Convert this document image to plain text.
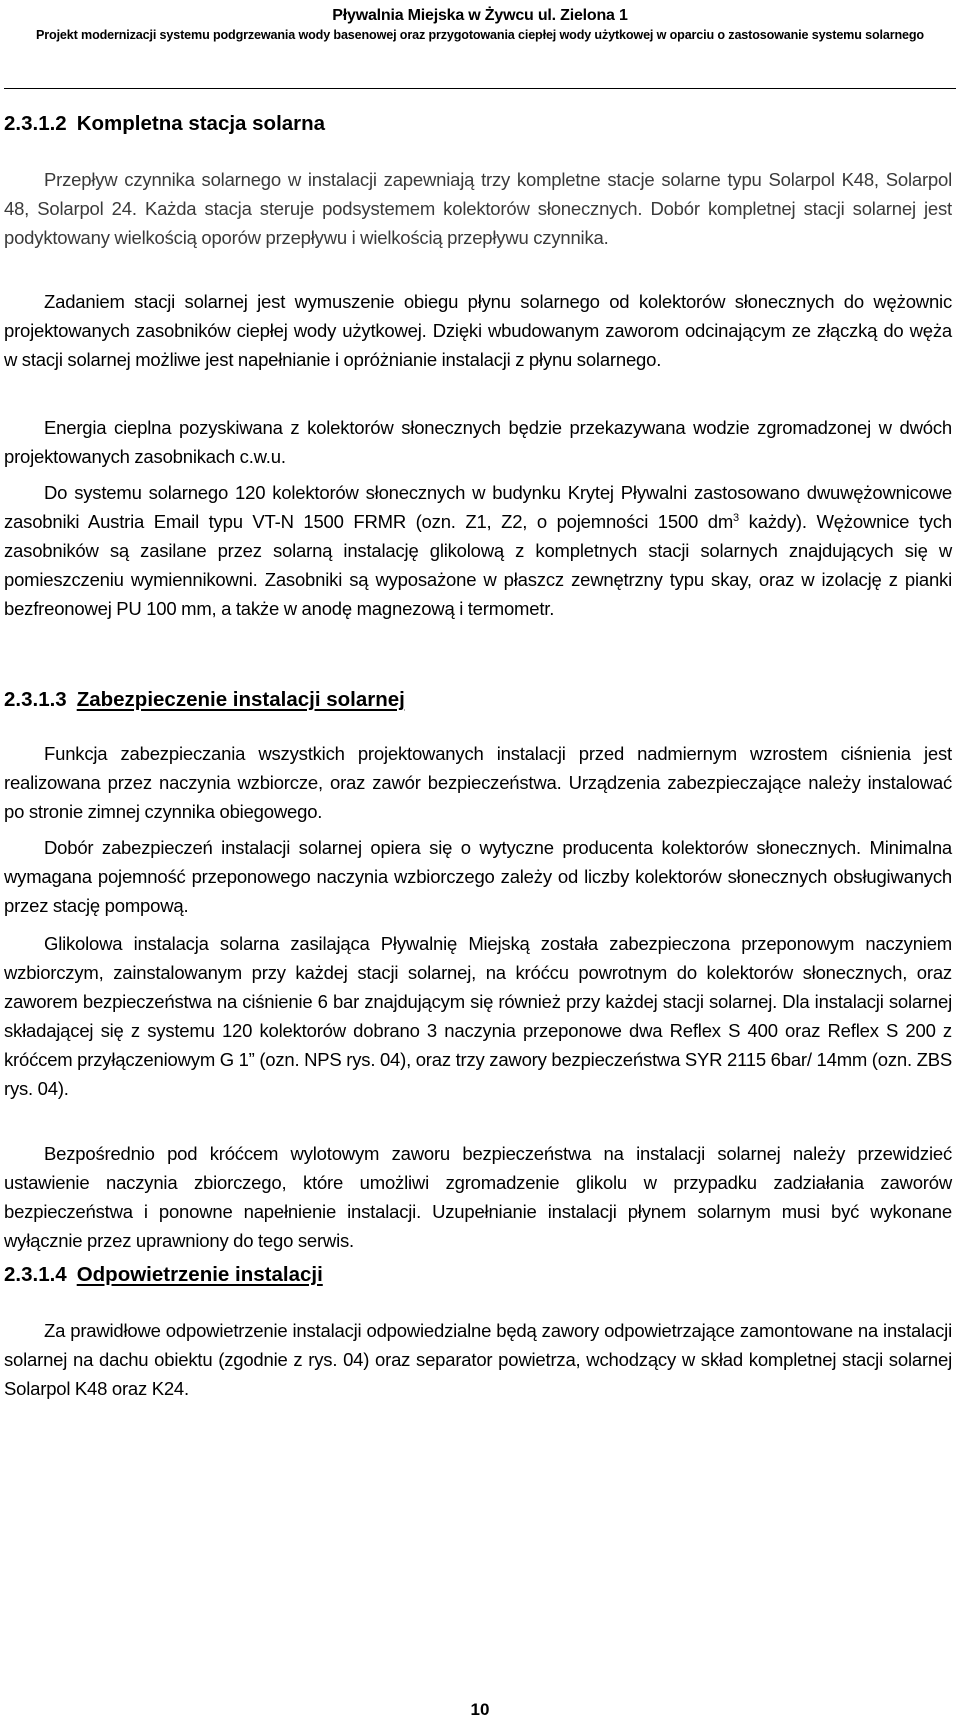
Pływalnia Miejska w Żywcu ul. Zielona 1
Projekt modernizacji systemu podgrzewania wody basenowej oraz przygotowania ciepłej wody użytkowej w oparciu o zastosowanie systemu solarnego
2.3.1.2 Kompletna stacja solarna

Przepływ czynnika solarnego w instalacji zapewniają trzy kompletne stacje solarne typu Solarpol K48, Solarpol 48, Solarpol 24. Każda stacja steruje podsystemem kolektorów słonecznych. Dobór kompletnej stacji solarnej jest podyktowany wielkością oporów przepływu i wielkością przepływu czynnika.

Zadaniem stacji solarnej jest wymuszenie obiegu płynu solarnego od kolektorów słonecznych do wężownic projektowanych zasobników ciepłej wody użytkowej. Dzięki wbudowanym zaworom odcinającym ze złączką do węża w stacji solarnej możliwe jest napełnianie i opróżnianie instalacji z płynu solarnego.

Energia cieplna pozyskiwana z kolektorów słonecznych będzie przekazywana wodzie zgromadzonej w dwóch projektowanych zasobnikach c.w.u.

Do systemu solarnego 120 kolektorów słonecznych w budynku Krytej Pływalni zastosowano dwuwężownicowe zasobniki Austria Email typu VT-N 1500 FRMR (ozn. Z1, Z2, o pojemności 1500 $dm^3$ każdy). Wężownice tych zasobników są zasilane przez solarną instalację glikolową z kompletnych stacji solarnych znajdujących się w pomieszczeniu wymiennikowni. Zasobniki są wyposażone w płaszcz zewnętrzny typu skay, oraz w izolację z pianki bezfreonowej PU 100 mm, a także w anodę magnezową i termometr.

2.3.1.3 Zabezpieczenie instalacji solarnej

Funkcja zabezpieczania wszystkich projektowanych instalacji przed nadmiernym wzrostem ciśnienia jest realizowana przez naczynia wzbiorcze, oraz zawór bezpieczeństwa. Urządzenia zabezpieczające należy instalować po stronie zimnej czynnika obiegowego.

Dobór zabezpieczeń instalacji solarnej opiera się o wytyczne producenta kolektorów słonecznych. Minimalna wymagana pojemność przeponowego naczynia wzbiorczego zależy od liczby kolektorów słonecznych obsługiwanych przez stację pompową.

Glikolowa instalacja solarna zasilająca Pływalnię Miejską została zabezpieczona przeponowym naczyniem wzbiorczym, zainstalowanym przy każdej stacji solarnej, na króćcu powrotnym do kolektorów słonecznych, oraz zaworem bezpieczeństwa na ciśnienie 6 bar znajdującym się również przy każdej stacji solarnej. Dla instalacji solarnej składającej się z systemu 120 kolektorów dobrano 3 naczynia przeponowe dwa Reflex S 400 oraz Reflex S 200 z króćcem przyłączeniowym G 1” (ozn. NPS rys. 04), oraz trzy zawory bezpieczeństwa SYR 2115 6bar/ 14mm (ozn. ZBS rys. 04).

Bezpośrednio pod króćcem wylotowym zaworu bezpieczeństwa na instalacji solarnej należy przewidzieć ustawienie naczynia zbiorczego, które umożliwi zgromadzenie glikolu w przypadku zadziałania zaworów bezpieczeństwa i ponowne napełnienie instalacji. Uzupełnianie instalacji płynem solarnym musi być wykonane wyłącznie przez uprawniony do tego serwis.

2.3.1.4 Odpowietrzenie instalacji

Za prawidłowe odpowietrzenie instalacji odpowiedzialne będą zawory odpowietrzające zamontowane na instalacji solarnej na dachu obiektu (zgodnie z rys. 04) oraz separator powietrza, wchodzący w skład kompletnej stacji solarnej Solarpol K48 oraz K24.

10
